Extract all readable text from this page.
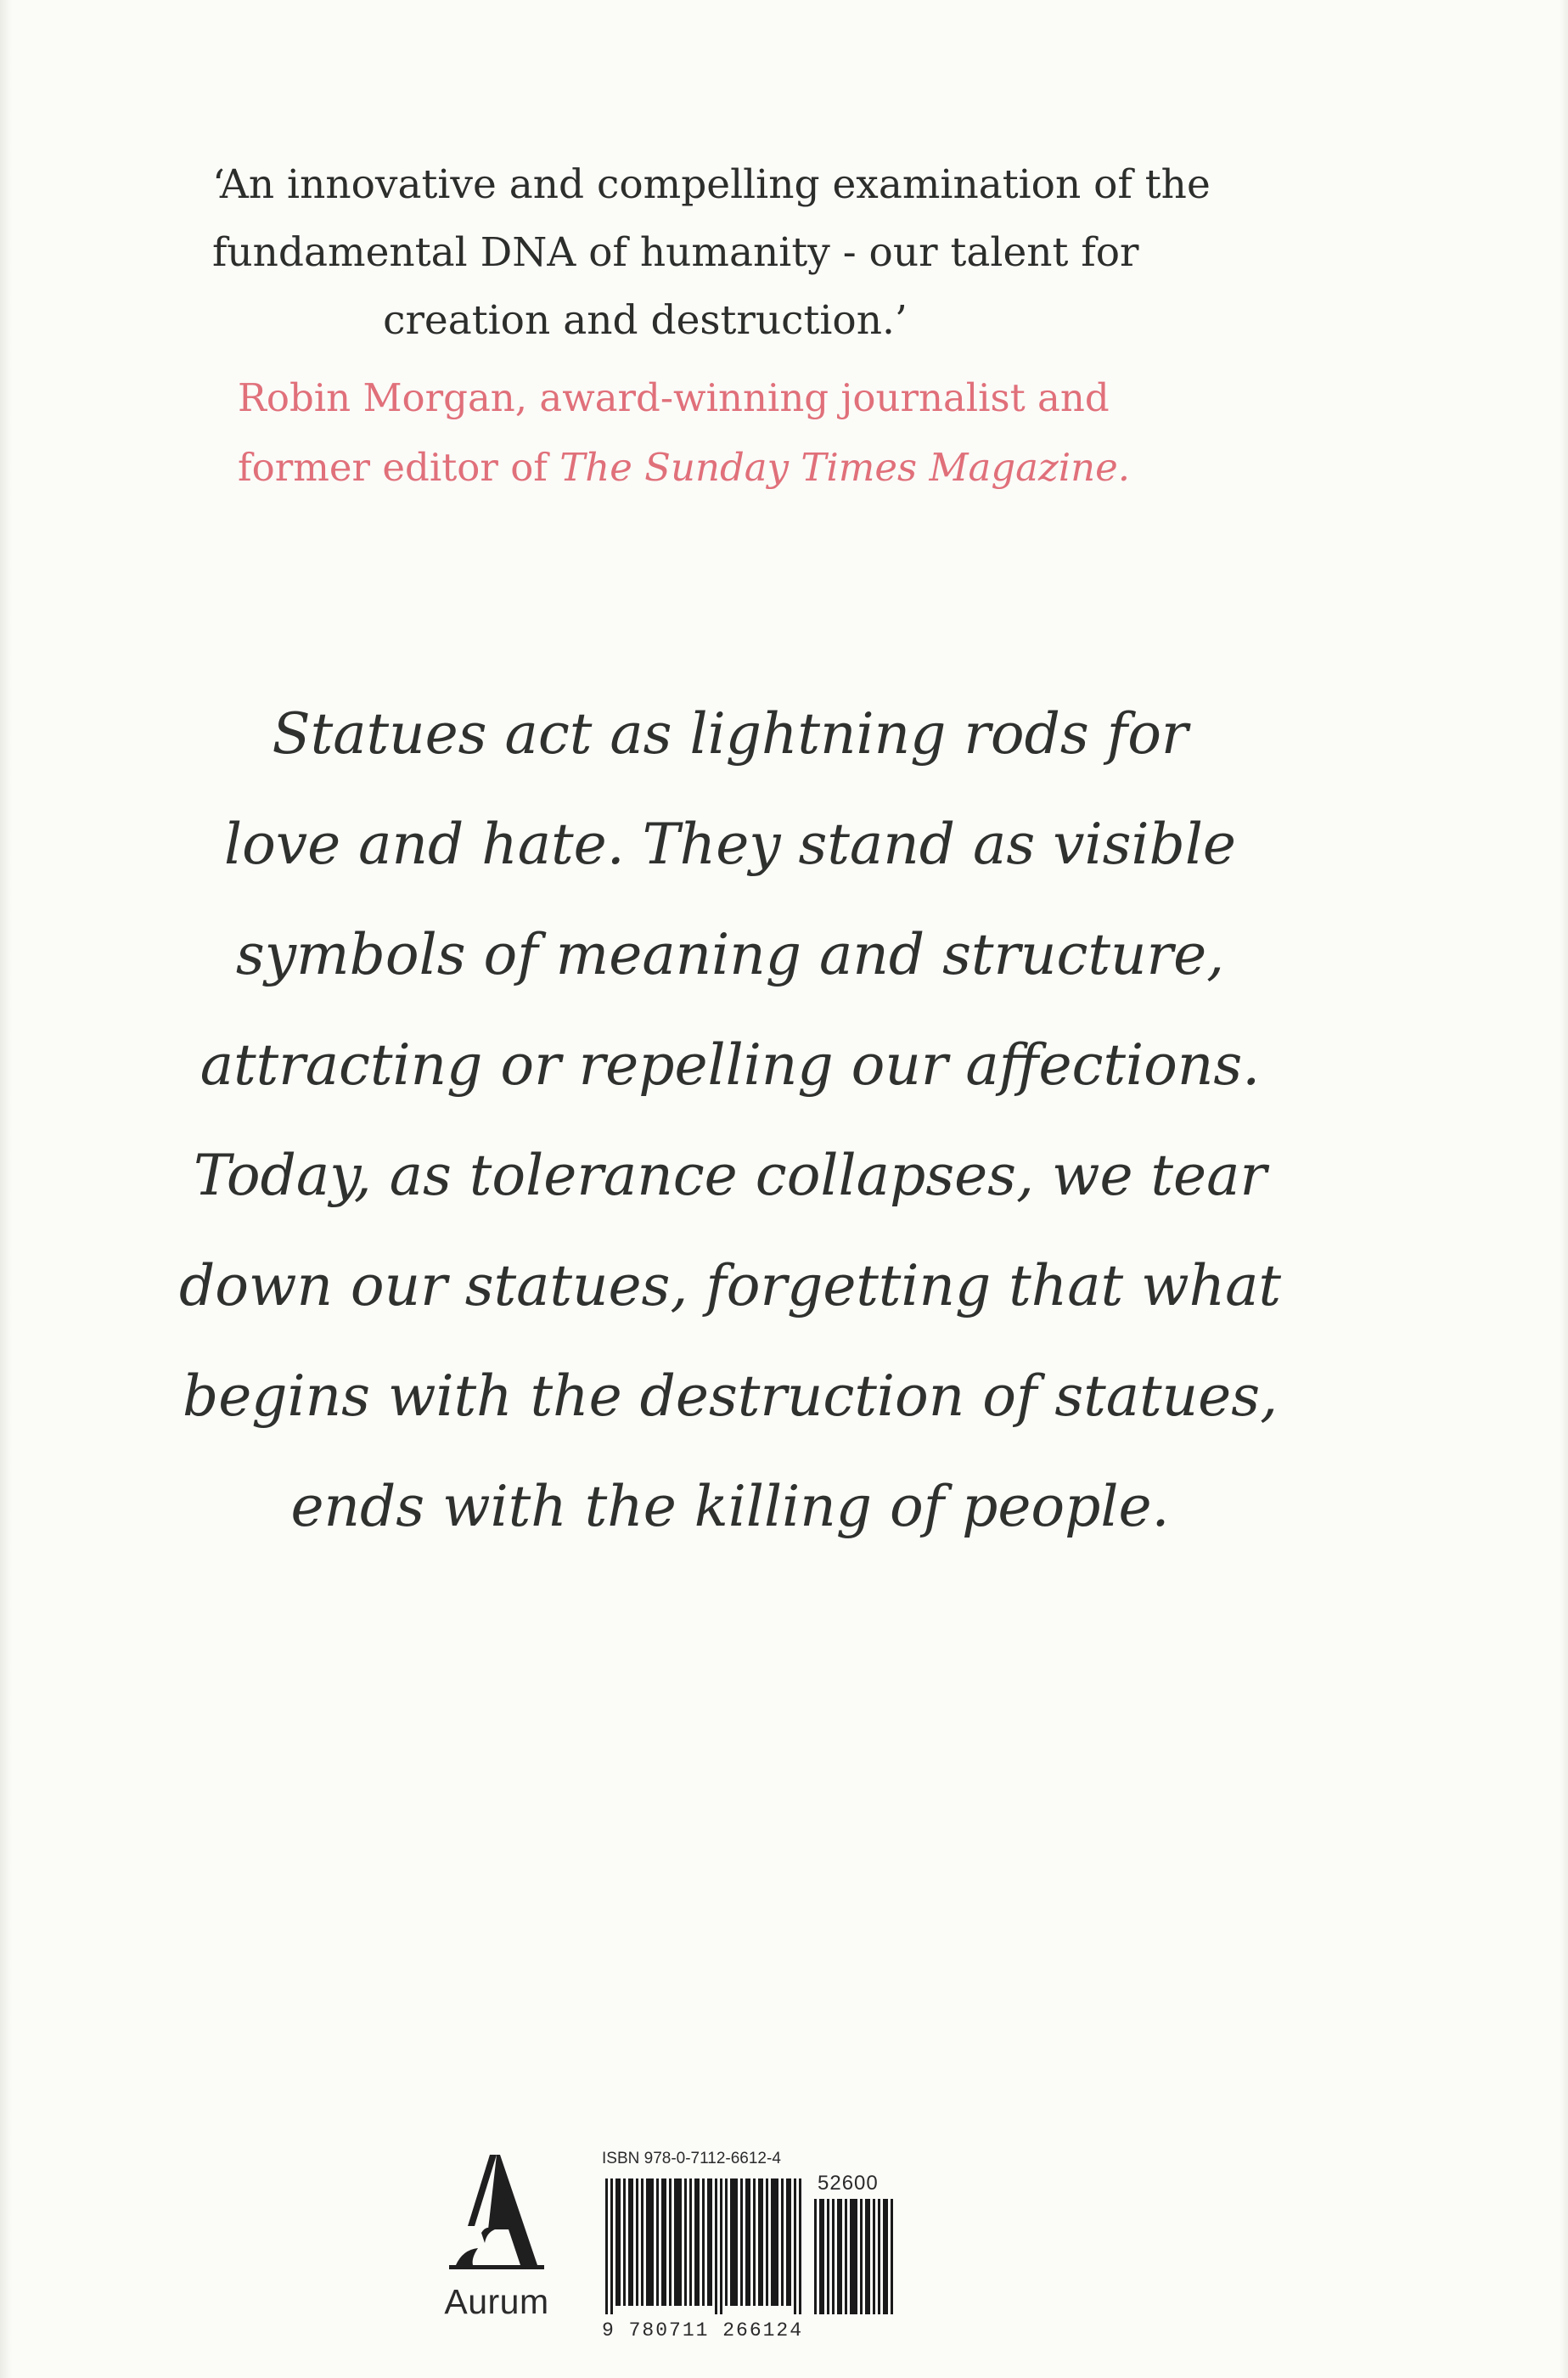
‘An innovative and compelling examination of the
fundamental DNA of humanity - our talent for
creation and destruction.’
Robin Morgan, award-winning journalist and
former editor of The Sunday Times Magazine.
Statues act as lightning rods for
love and hate. They stand as visible
symbols of meaning and structure,
attracting or repelling our affections.
Today, as tolerance collapses, we tear
down our statues, forgetting that what
begins with the destruction of statues,
ends with the killing of people.
Aurum
ISBN 978-0-7112-6612-4
52600
9 780711 266124
